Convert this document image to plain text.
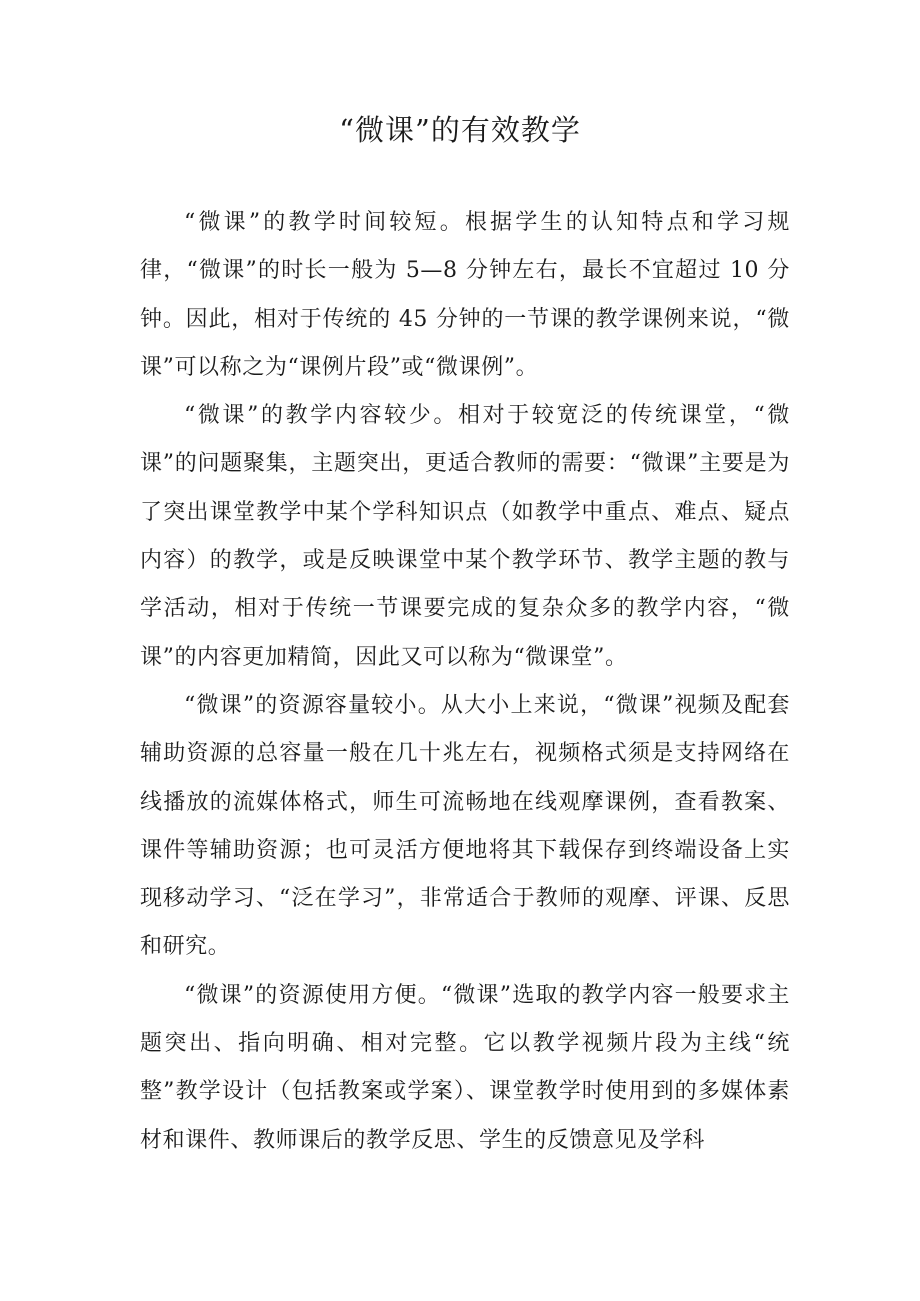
“微课”的有效教学

“微课”的教学时间较短。根据学生的认知特点和学习规律，“微课”的时长一般为 5—8 分钟左右，最长不宜超过 10 分钟。因此，相对于传统的 45 分钟的一节课的教学课例来说，“微课”可以称之为“课例片段”或“微课例”。

“微课”的教学内容较少。相对于较宽泛的传统课堂，“微课”的问题聚集，主题突出，更适合教师的需要：“微课”主要是为了突出课堂教学中某个学科知识点（如教学中重点、难点、疑点内容）的教学，或是反映课堂中某个教学环节、教学主题的教与学活动，相对于传统一节课要完成的复杂众多的教学内容，“微课”的内容更加精简，因此又可以称为“微课堂”。

“微课”的资源容量较小。从大小上来说，“微课”视频及配套辅助资源的总容量一般在几十兆左右，视频格式须是支持网络在线播放的流媒体格式，师生可流畅地在线观摩课例，查看教案、课件等辅助资源；也可灵活方便地将其下载保存到终端设备上实现移动学习、“泛在学习”，非常适合于教师的观摩、评课、反思和研究。

“微课”的资源使用方便。“微课”选取的教学内容一般要求主题突出、指向明确、相对完整。它以教学视频片段为主线“统整”教学设计（包括教案或学案）、课堂教学时使用到的多媒体素材和课件、教师课后的教学反思、学生的反馈意见及学科
